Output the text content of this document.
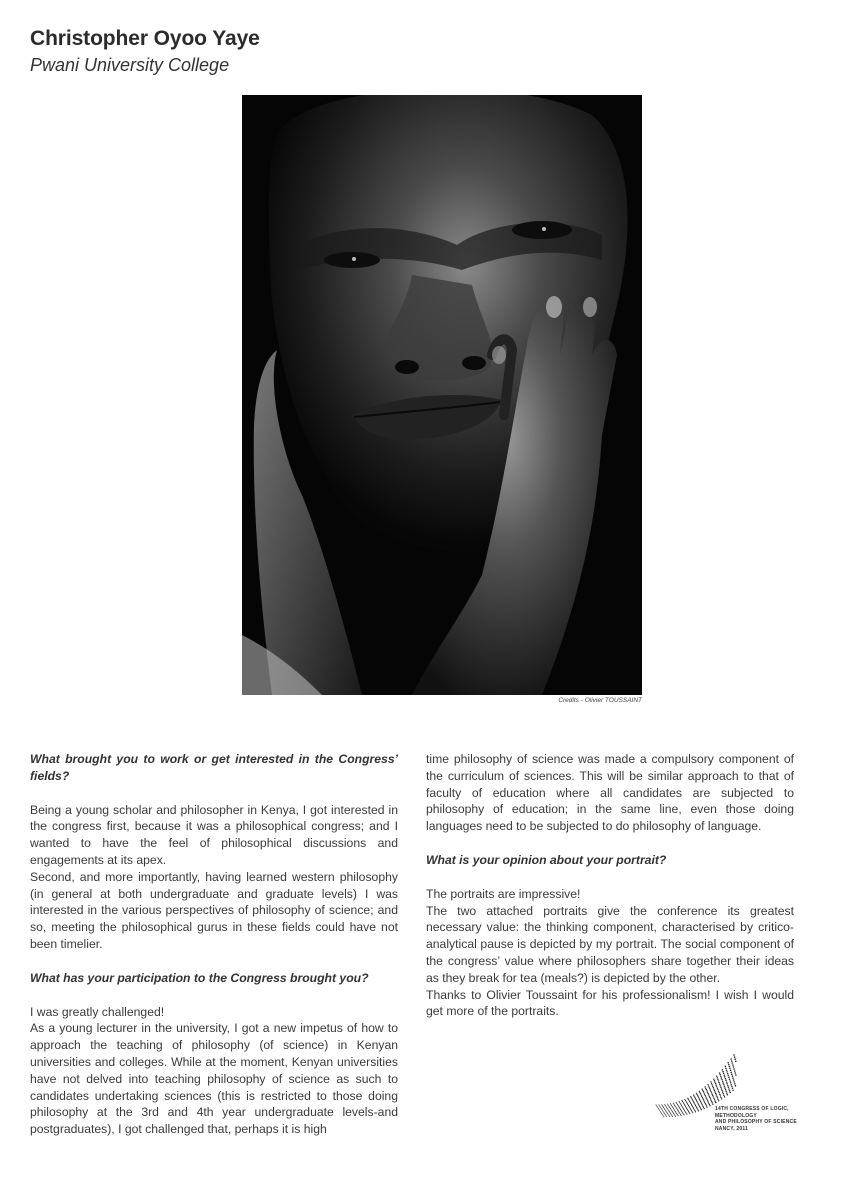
Christopher Oyoo Yaye
Pwani University College
Credits - Olivier TOUSSAINT

What brought you to work or get interested in the Congress’ fields?

Being a young scholar and philosopher in Kenya, I got interested in the congress first, because it was a philosophical congress; and I wanted to have the feel of philosophical discussions and engagements at its apex.

Second, and more importantly, having learned western philosophy (in general at both undergraduate and graduate levels) I was interested in the various perspectives of philosophy of science; and so, meeting the philosophical gurus in these fields could have not been timelier.

What has your participation to the Congress brought you?

I was greatly challenged!

As a young lecturer in the university, I got a new impetus of how to approach the teaching of philosophy (of science) in Kenyan universities and colleges. While at the moment, Kenyan universities have not delved into teaching philosophy of science as such to candidates undertaking sciences (this is restricted to those doing philosophy at the 3rd and 4th year undergraduate levels-and postgraduates), I got challenged that, perhaps it is high

time philosophy of science was made a compulsory component of the curriculum of sciences. This will be similar approach to that of faculty of education where all candidates are subjected to philosophy of education; in the same line, even those doing languages need to be subjected to do philosophy of language.

What is your opinion about your portrait?

The portraits are impressive!

The two attached portraits give the conference its greatest necessary value: the thinking component, characterised by critico-analytical pause is depicted by my portrait. The social component of the congress’ value where philosophers share together their ideas as they break for tea (meals?) is depicted by the other.

Thanks to Olivier Toussaint for his professionalism! I wish I would get more of the portraits.

14TH CONGRESS OF LOGIC,
METHODOLOGY
AND PHILOSOPHY OF SCIENCE
NANCY, 2011
